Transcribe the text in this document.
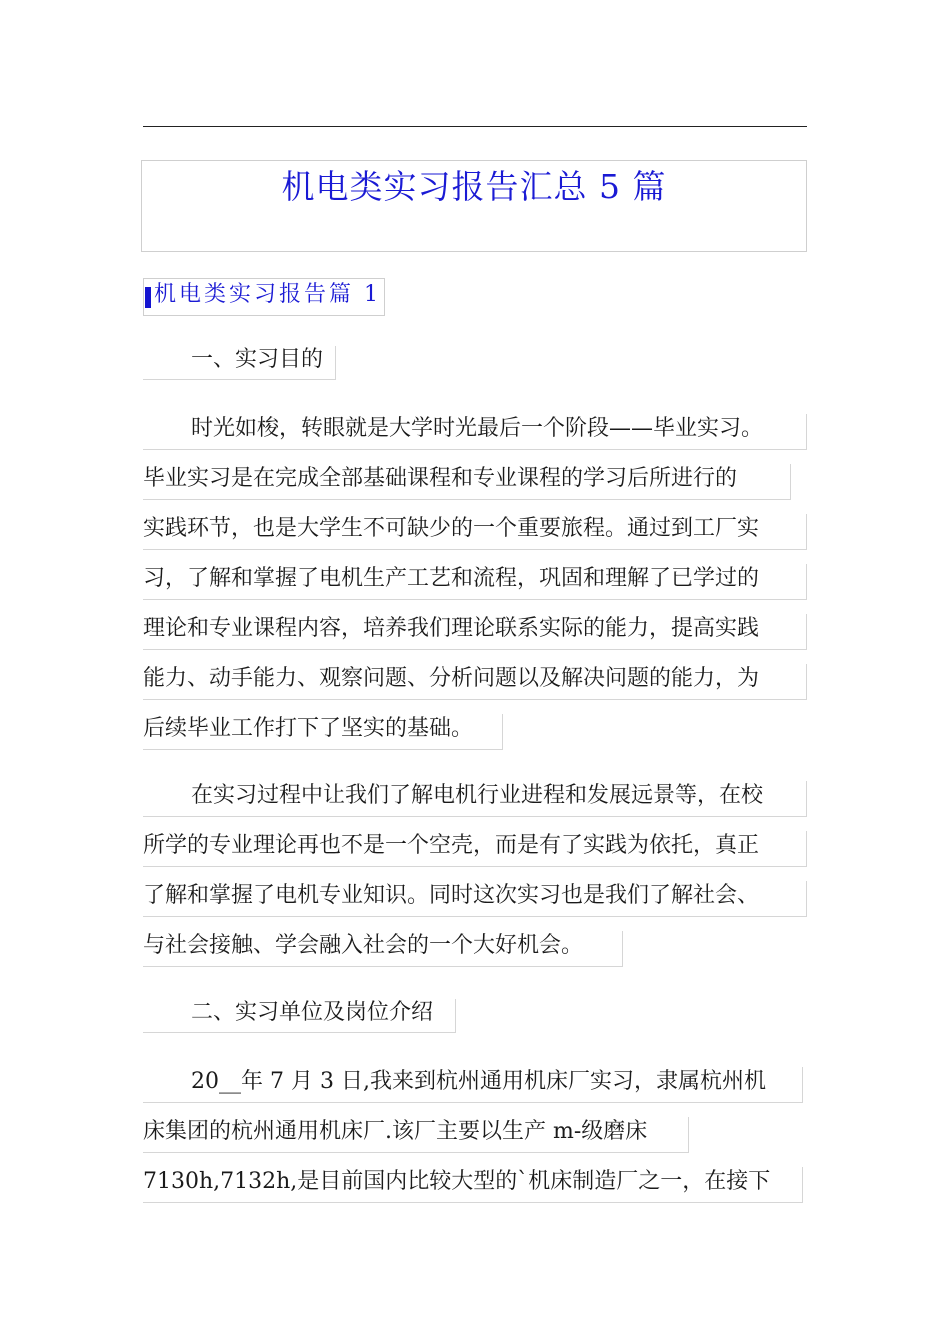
机电类实习报告汇总 5 篇
机电类实习报告篇 1
一、实习目的
时光如梭，转眼就是大学时光最后一个阶段——毕业实习。
毕业实习是在完成全部基础课程和专业课程的学习后所进行的
实践环节，也是大学生不可缺少的一个重要旅程。通过到工厂实
习，了解和掌握了电机生产工艺和流程，巩固和理解了已学过的
理论和专业课程内容，培养我们理论联系实际的能力，提高实践
能力、动手能力、观察问题、分析问题以及解决问题的能力，为
后续毕业工作打下了坚实的基础。
在实习过程中让我们了解电机行业进程和发展远景等，在校
所学的专业理论再也不是一个空壳，而是有了实践为依托，真正
了解和掌握了电机专业知识。同时这次实习也是我们了解社会、
与社会接触、学会融入社会的一个大好机会。
二、实习单位及岗位介绍
20__年 7 月 3 日,我来到杭州通用机床厂实习，隶属杭州机
床集团的杭州通用机床厂.该厂主要以生产 m-级磨床
7130h,7132h,是目前国内比较大型的`机床制造厂之一，在接下
